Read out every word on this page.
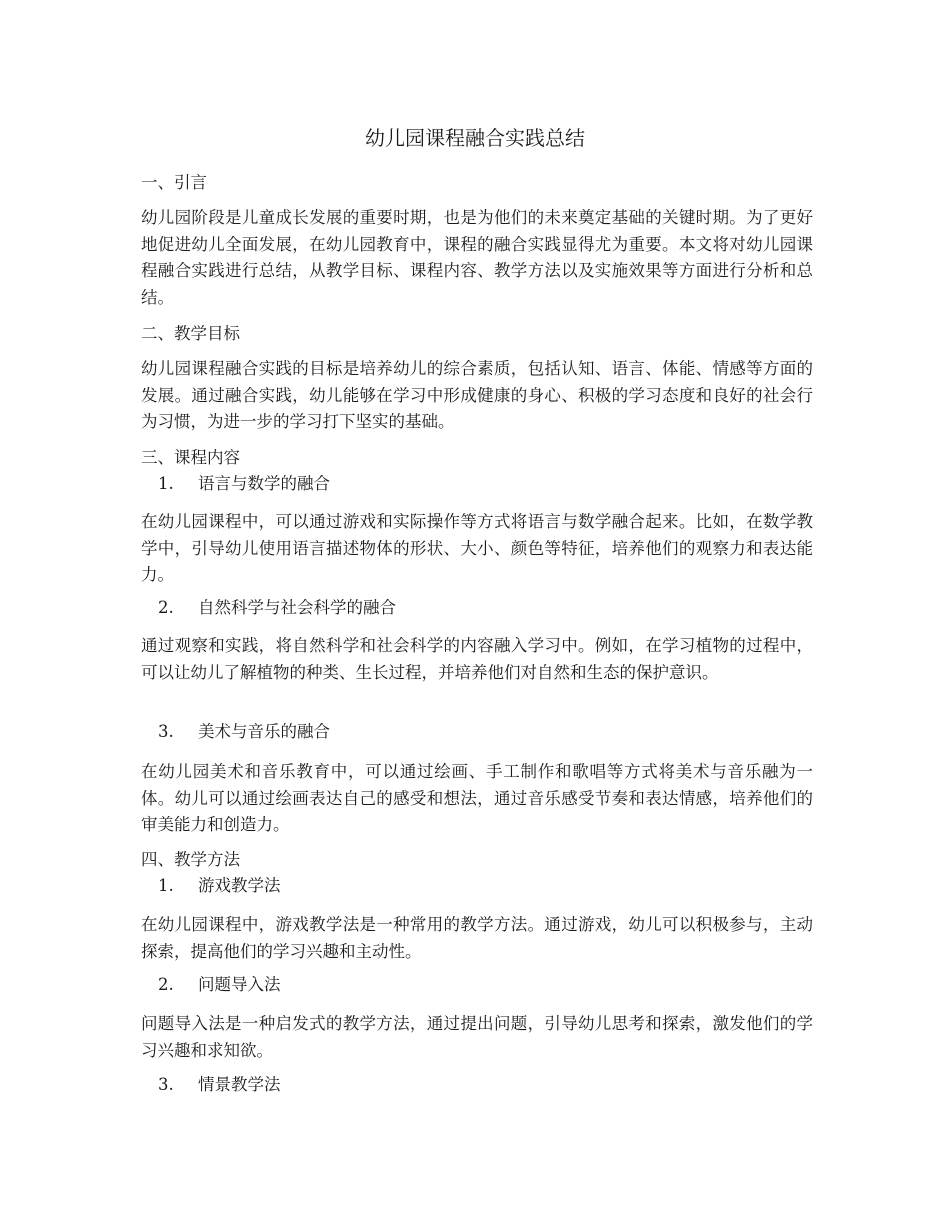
幼儿园课程融合实践总结
一、引言

幼儿园阶段是儿童成长发展的重要时期，也是为他们的未来奠定基础的关键时期。为了更好地促进幼儿全面发展，在幼儿园教育中，课程的融合实践显得尤为重要。本文将对幼儿园课程融合实践进行总结，从教学目标、课程内容、教学方法以及实施效果等方面进行分析和总结。

二、教学目标

幼儿园课程融合实践的目标是培养幼儿的综合素质，包括认知、语言、体能、情感等方面的发展。通过融合实践，幼儿能够在学习中形成健康的身心、积极的学习态度和良好的社会行为习惯，为进一步的学习打下坚实的基础。

三、课程内容
1. 语言与数学的融合

在幼儿园课程中，可以通过游戏和实际操作等方式将语言与数学融合起来。比如，在数学教学中，引导幼儿使用语言描述物体的形状、大小、颜色等特征，培养他们的观察力和表达能力。

2. 自然科学与社会科学的融合

通过观察和实践，将自然科学和社会科学的内容融入学习中。例如，在学习植物的过程中，可以让幼儿了解植物的种类、生长过程，并培养他们对自然和生态的保护意识。

3. 美术与音乐的融合

在幼儿园美术和音乐教育中，可以通过绘画、手工制作和歌唱等方式将美术与音乐融为一体。幼儿可以通过绘画表达自己的感受和想法，通过音乐感受节奏和表达情感，培养他们的审美能力和创造力。

四、教学方法
1. 游戏教学法

在幼儿园课程中，游戏教学法是一种常用的教学方法。通过游戏，幼儿可以积极参与，主动探索，提高他们的学习兴趣和主动性。

2. 问题导入法

问题导入法是一种启发式的教学方法，通过提出问题，引导幼儿思考和探索，激发他们的学习兴趣和求知欲。

3. 情景教学法
